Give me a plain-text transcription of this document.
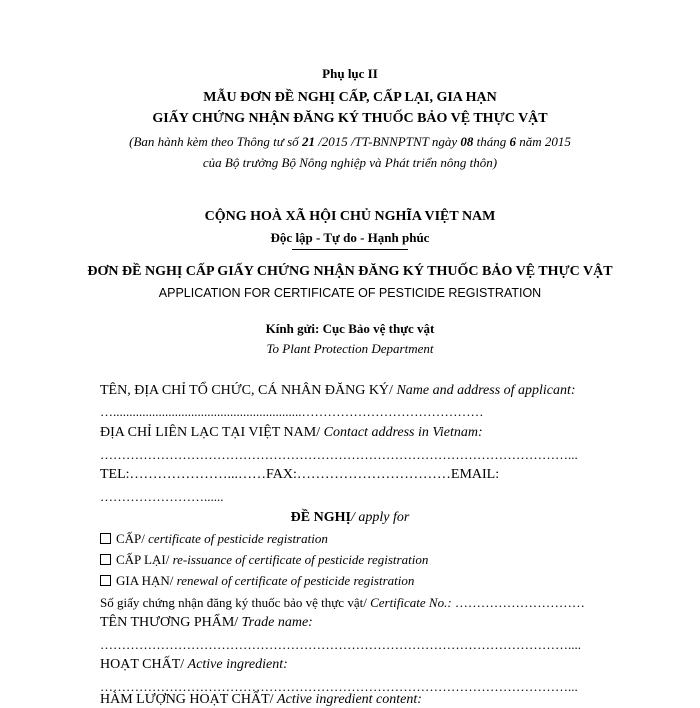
Phụ lục II
MẪU ĐƠN ĐỀ NGHỊ CẤP, CẤP LẠI, GIA HẠN
GIẤY CHỨNG NHẬN ĐĂNG KÝ THUỐC BẢO VỆ THỰC VẬT
(Ban hành kèm theo Thông tư số 21 /2015 /TT-BNNPTNT ngày 08 tháng 6 năm 2015
của Bộ trưởng Bộ Nông nghiệp và Phát triển nông thôn)
CỘNG HOÀ XÃ HỘI CHỦ NGHĨA VIỆT NAM
Độc lập - Tự do - Hạnh phúc
ĐƠN ĐỀ NGHỊ CẤP GIẤY CHỨNG NHẬN ĐĂNG KÝ THUỐC BẢO VỆ THỰC VẬT
APPLICATION FOR CERTIFICATE OF PESTICIDE REGISTRATION
Kính gửi: Cục Bảo vệ thực vật
To Plant Protection Department
TÊN, ĐỊA CHỈ TỔ CHỨC, CÁ NHÂN ĐĂNG KÝ/ Name and address of applicant:
…..........................................................……………………………………
ĐỊA CHỈ LIÊN LẠC TẠI VIỆT NAM/ Contact address in Vietnam:
………………………………………………………………………………………………...
TEL:…………………...……FAX:……………………………EMAIL:
……………………......
ĐỀ NGHỊ/ apply for
CẤP/ certificate of pesticide registration
CẤP LẠI/ re-issuance of certificate of pesticide registration
GIA HẠN/ renewal of certificate of pesticide registration
Số giấy chứng nhận đăng ký thuốc bảo vệ thực vật/ Certificate No.: …………………………
TÊN THƯƠNG PHẨM/ Trade name:
………………………………………………………………………………………………....
HOẠT CHẤT/ Active ingredient:
………………………………………………………………………………………………...
HÀM LƯỢNG HOẠT CHẤT/ Active ingredient content:
